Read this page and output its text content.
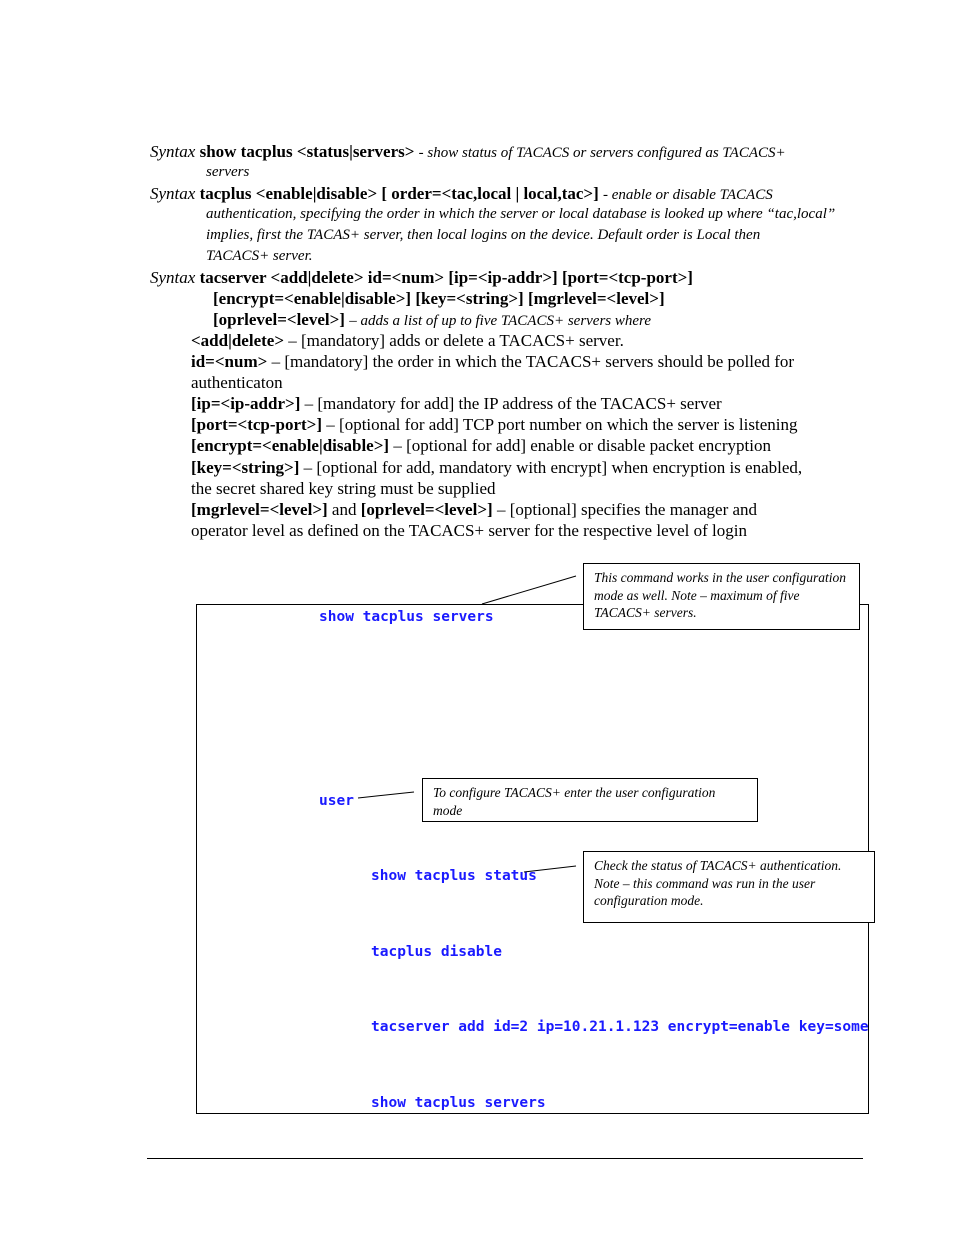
Syntax show tacplus <status|servers> - show status of TACACS or servers configured as TACACS+
servers
Syntax tacplus <enable|disable> [ order=<tac,local | local,tac>] - enable or disable TACACS
authentication, specifying the order in which the server or local database is looked up where “tac,local”
implies, first the TACAS+ server, then local logins on the device. Default order is Local then
TACACS+ server.
Syntax tacserver <add|delete> id=<num> [ip=<ip-addr>] [port=<tcp-port>]
[encrypt=<enable|disable>] [key=<string>] [mgrlevel=<level>]
[oprlevel=<level>] – adds a list of up to five TACACS+ servers where
<add|delete> – [mandatory] adds or delete a TACACS+ server.
id=<num> – [mandatory] the order in which the TACACS+ servers should be polled for
authenticaton
[ip=<ip-addr>] – [mandatory for add] the IP address of the TACACS+ server
[port=<tcp-port>] – [optional for add] TCP port number on which the server is listening
[encrypt=<enable|disable>] – [optional for add] enable or disable packet encryption
[key=<string>] – [optional for add, mandatory with encrypt] when encryption is enabled,
the secret shared key string must be supplied
[mgrlevel=<level>] and [oprlevel=<level>] – [optional] specifies the manager and
operator level as defined on the TACACS+ server for the respective level of login
show tacplus servers
user
show tacplus status
tacplus disable
tacserver add id=2 ip=10.21.1.123 encrypt=enable key=some
show tacplus servers
This command works in the user configuration mode as well. Note – maximum of five TACACS+ servers.
To configure TACACS+ enter the user configuration mode
Check the status of TACACS+ authentication. Note – this command was run in the user configuration mode.
